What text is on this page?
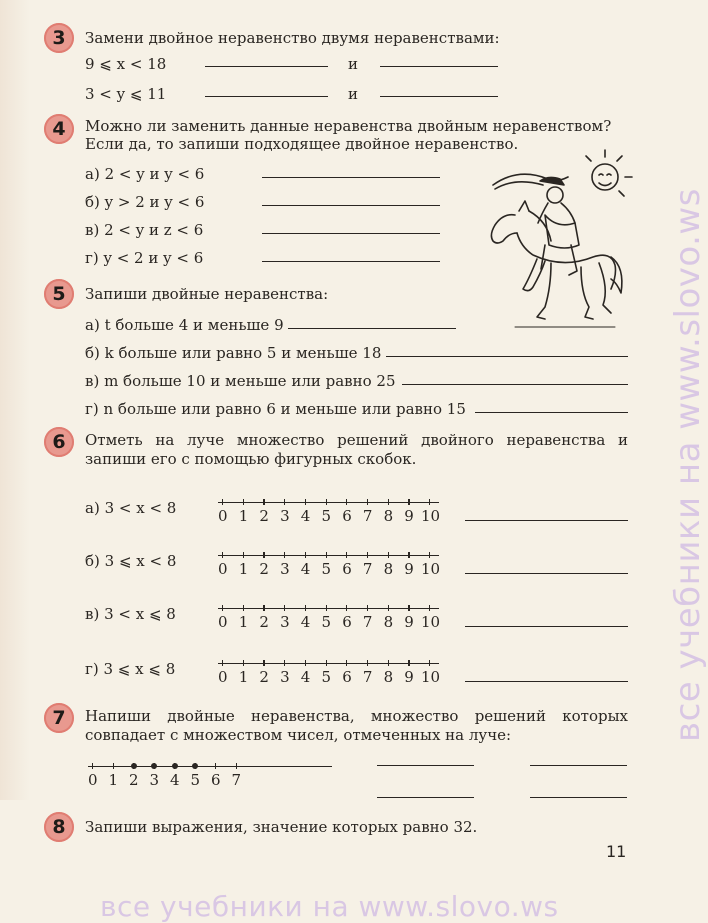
3	Замени двойное неравенство двумя неравенствами:
9 ⩽ x < 18	и
3 < y ⩽ 11	и
4	Можно ли заменить данные неравенства двойным неравенством?
Если да, то запиши подходящее двойное неравенство.
а) 2 < y и y < 6
б) y > 2 и y < 6
в) 2 < y и z < 6
г) y < 2 и y < 6
5	Запиши двойные неравенства:
а) t больше 4 и меньше 9
б) k больше или равно 5 и меньше 18
в) m больше 10 и меньше или равно 25
г) n больше или равно 6 и меньше или равно 15
6	Отметь на луче множество решений двойного неравенства и
запиши его с помощью фигурных скобок.
а) 3 < x < 8
б) 3 ⩽ x < 8
в) 3 < x ⩽ 8
г) 3 ⩽ x ⩽ 8
7	Напиши двойные неравенства, множество решений которых
совпадает с множеством чисел, отмеченных на луче:
8	Запиши выражения, значение которых равно 32.
11
все учебники на www.slovo.ws
все учебники на www.slovo.ws
0 1 2 3 4 5 6 7 8 9 10
0 1 2 3 4 5 6 7 8 9 10
0 1 2 3 4 5 6 7 8 9 10
0 1 2 3 4 5 6 7 8 9 10
0 1 2 3 4 5 6 7
